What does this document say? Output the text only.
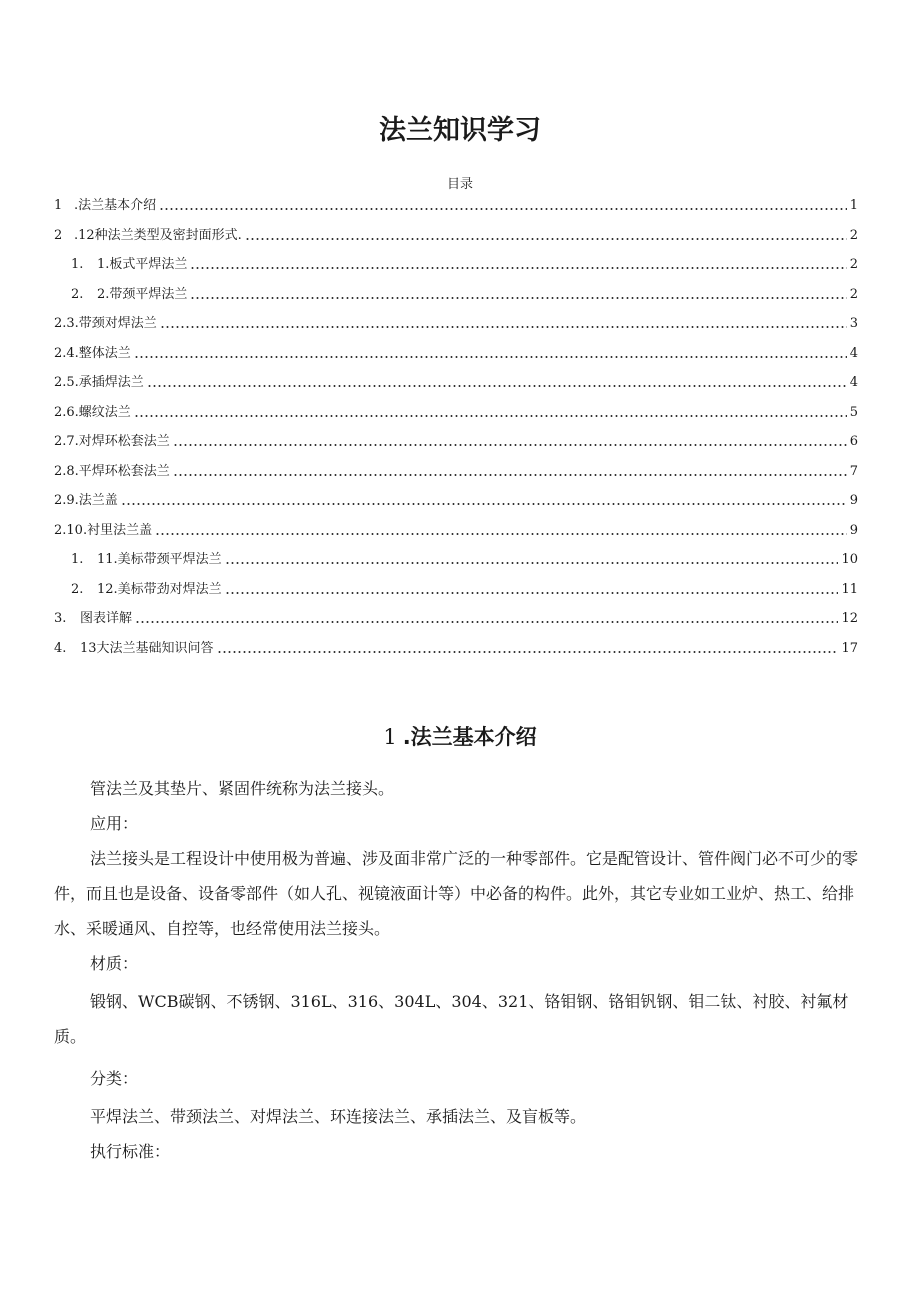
法兰知识学习
目录
1 .法兰基本介绍	1
2 .12种法兰类型及密封面形式.	2
1. 1.板式平焊法兰	2
2. 2.带颈平焊法兰	2
2.3.带颈对焊法兰	3
2.4.整体法兰	4
2.5.承插焊法兰	4
2.6.螺纹法兰	5
2.7.对焊环松套法兰	6
2.8.平焊环松套法兰	7
2.9.法兰盖	9
2.10.衬里法兰盖	9
1. 11.美标带颈平焊法兰	10
2. 12.美标带劲对焊法兰	11
3. 图表详解	12
4. 13大法兰基础知识问答	17
1 .法兰基本介绍

管法兰及其垫片、紧固件统称为法兰接头。

应用：

法兰接头是工程设计中使用极为普遍、涉及面非常广泛的一种零部件。它是配管设计、管件阀门必不可少的零件，而且也是设备、设备零部件（如人孔、视镜液面计等）中必备的构件。此外，其它专业如工业炉、热工、给排水、采暖通风、自控等，也经常使用法兰接头。

材质：

锻钢、WCB碳钢、不锈钢、316L、316、304L、304、321、铬钼钢、铬钼钒钢、钼二钛、衬胶、衬氟材质。

分类：

平焊法兰、带颈法兰、对焊法兰、环连接法兰、承插法兰、及盲板等。

执行标准：
